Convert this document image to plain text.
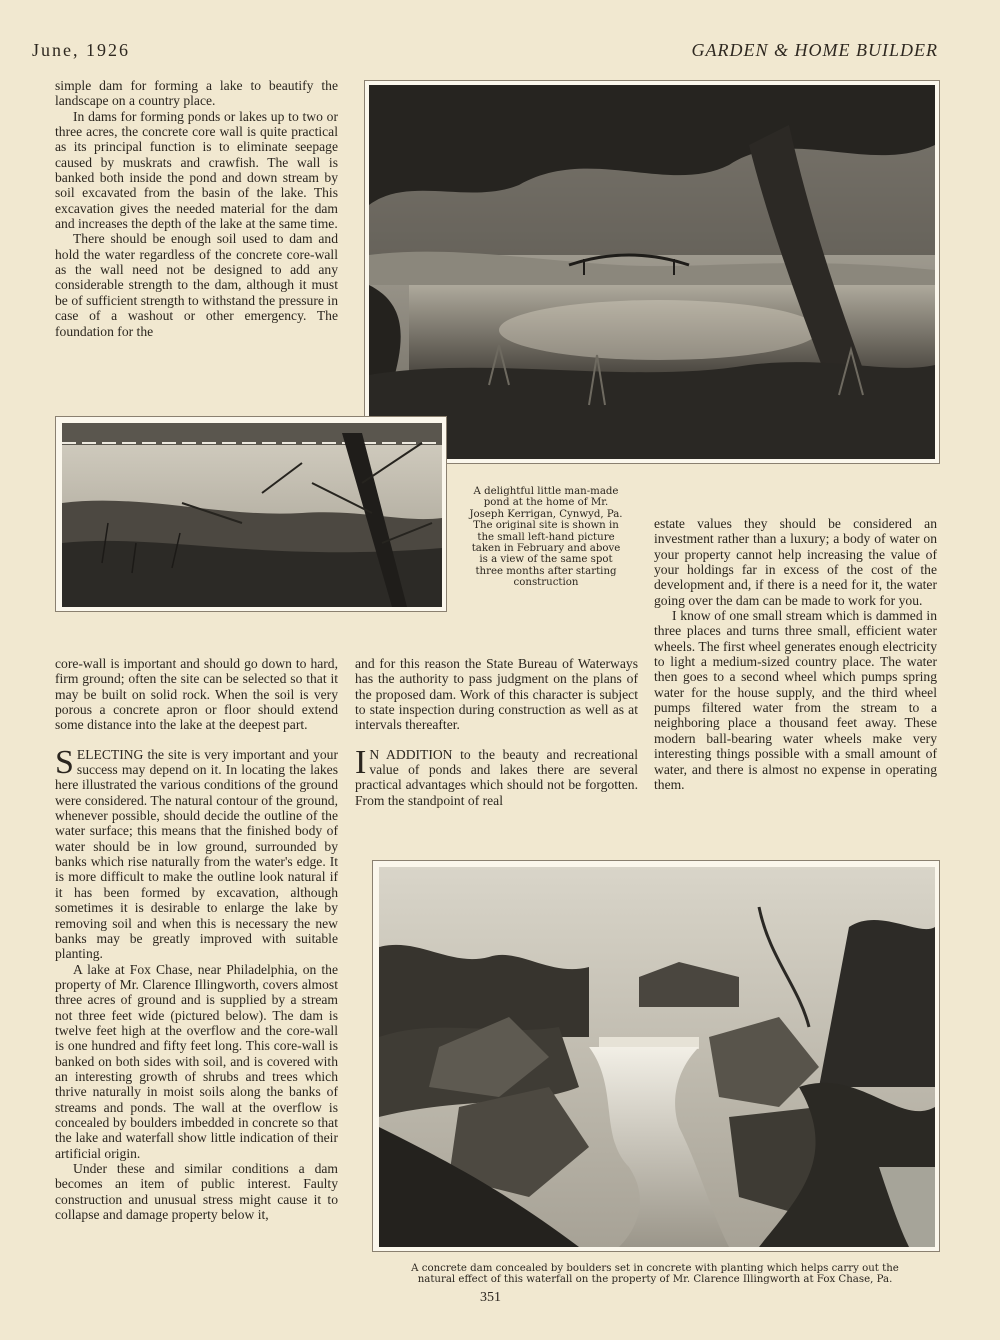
June, 1926	GARDEN & HOME BUILDER

simple dam for forming a lake to beautify the landscape on a country place.

In dams for forming ponds or lakes up to two or three acres, the concrete core wall is quite practical as its principal function is to eliminate seepage caused by muskrats and crawfish. The wall is banked both inside the pond and down stream by soil excavated from the basin of the lake. This excavation gives the needed material for the dam and increases the depth of the lake at the same time.

There should be enough soil used to dam and hold the water regardless of the concrete core-wall as the wall need not be designed to add any considerable strength to the dam, although it must be of sufficient strength to withstand the pressure in case of a washout or other emergency. The foundation for the

A delightful little man-made pond at the home of Mr. Joseph Kerrigan, Cynwyd, Pa. The original site is shown in the small left-hand picture taken in February and above is a view of the same spot three months after starting construction

estate values they should be considered an investment rather than a luxury; a body of water on your property cannot help increasing the value of your holdings far in excess of the cost of the development and, if there is a need for it, the water going over the dam can be made to work for you.

I know of one small stream which is dammed in three places and turns three small, efficient water wheels. The first wheel generates enough electricity to light a medium-sized country place. The water then goes to a second wheel which pumps spring water for the house supply, and the third wheel pumps filtered water from the stream to a neighboring place a thousand feet away. These modern ball-bearing water wheels make very interesting things possible with a small amount of water, and there is almost no expense in operating them.

core-wall is important and should go down to hard, firm ground; often the site can be selected so that it may be built on solid rock. When the soil is very porous a concrete apron or floor should extend some distance into the lake at the deepest part.

SELECTING the site is very important and your success may depend on it. In locating the lakes here illustrated the various conditions of the ground were considered. The natural contour of the ground, whenever possible, should decide the outline of the water surface; this means that the finished body of water should be in low ground, surrounded by banks which rise naturally from the water's edge. It is more difficult to make the outline look natural if it has been formed by excavation, although sometimes it is desirable to enlarge the lake by removing soil and when this is necessary the new banks may be greatly improved with suitable planting.

A lake at Fox Chase, near Philadelphia, on the property of Mr. Clarence Illingworth, covers almost three acres of ground and is supplied by a stream not three feet wide (pictured below). The dam is twelve feet high at the overflow and the core-wall is one hundred and fifty feet long. This core-wall is banked on both sides with soil, and is covered with an interesting growth of shrubs and trees which thrive naturally in moist soils along the banks of streams and ponds. The wall at the overflow is concealed by boulders imbedded in concrete so that the lake and waterfall show little indication of their artificial origin.

Under these and similar conditions a dam becomes an item of public interest. Faulty construction and unusual stress might cause it to collapse and damage property below it,

and for this reason the State Bureau of Waterways has the authority to pass judgment on the plans of the proposed dam. Work of this character is subject to state inspection during construction as well as at intervals thereafter.

I N ADDITION to the beauty and recreational value of ponds and lakes there are several practical advantages which should not be forgotten. From the standpoint of real

A concrete dam concealed by boulders set in concrete with planting which helps carry out the natural effect of this waterfall on the property of Mr. Clarence Illingworth at Fox Chase, Pa.
351
